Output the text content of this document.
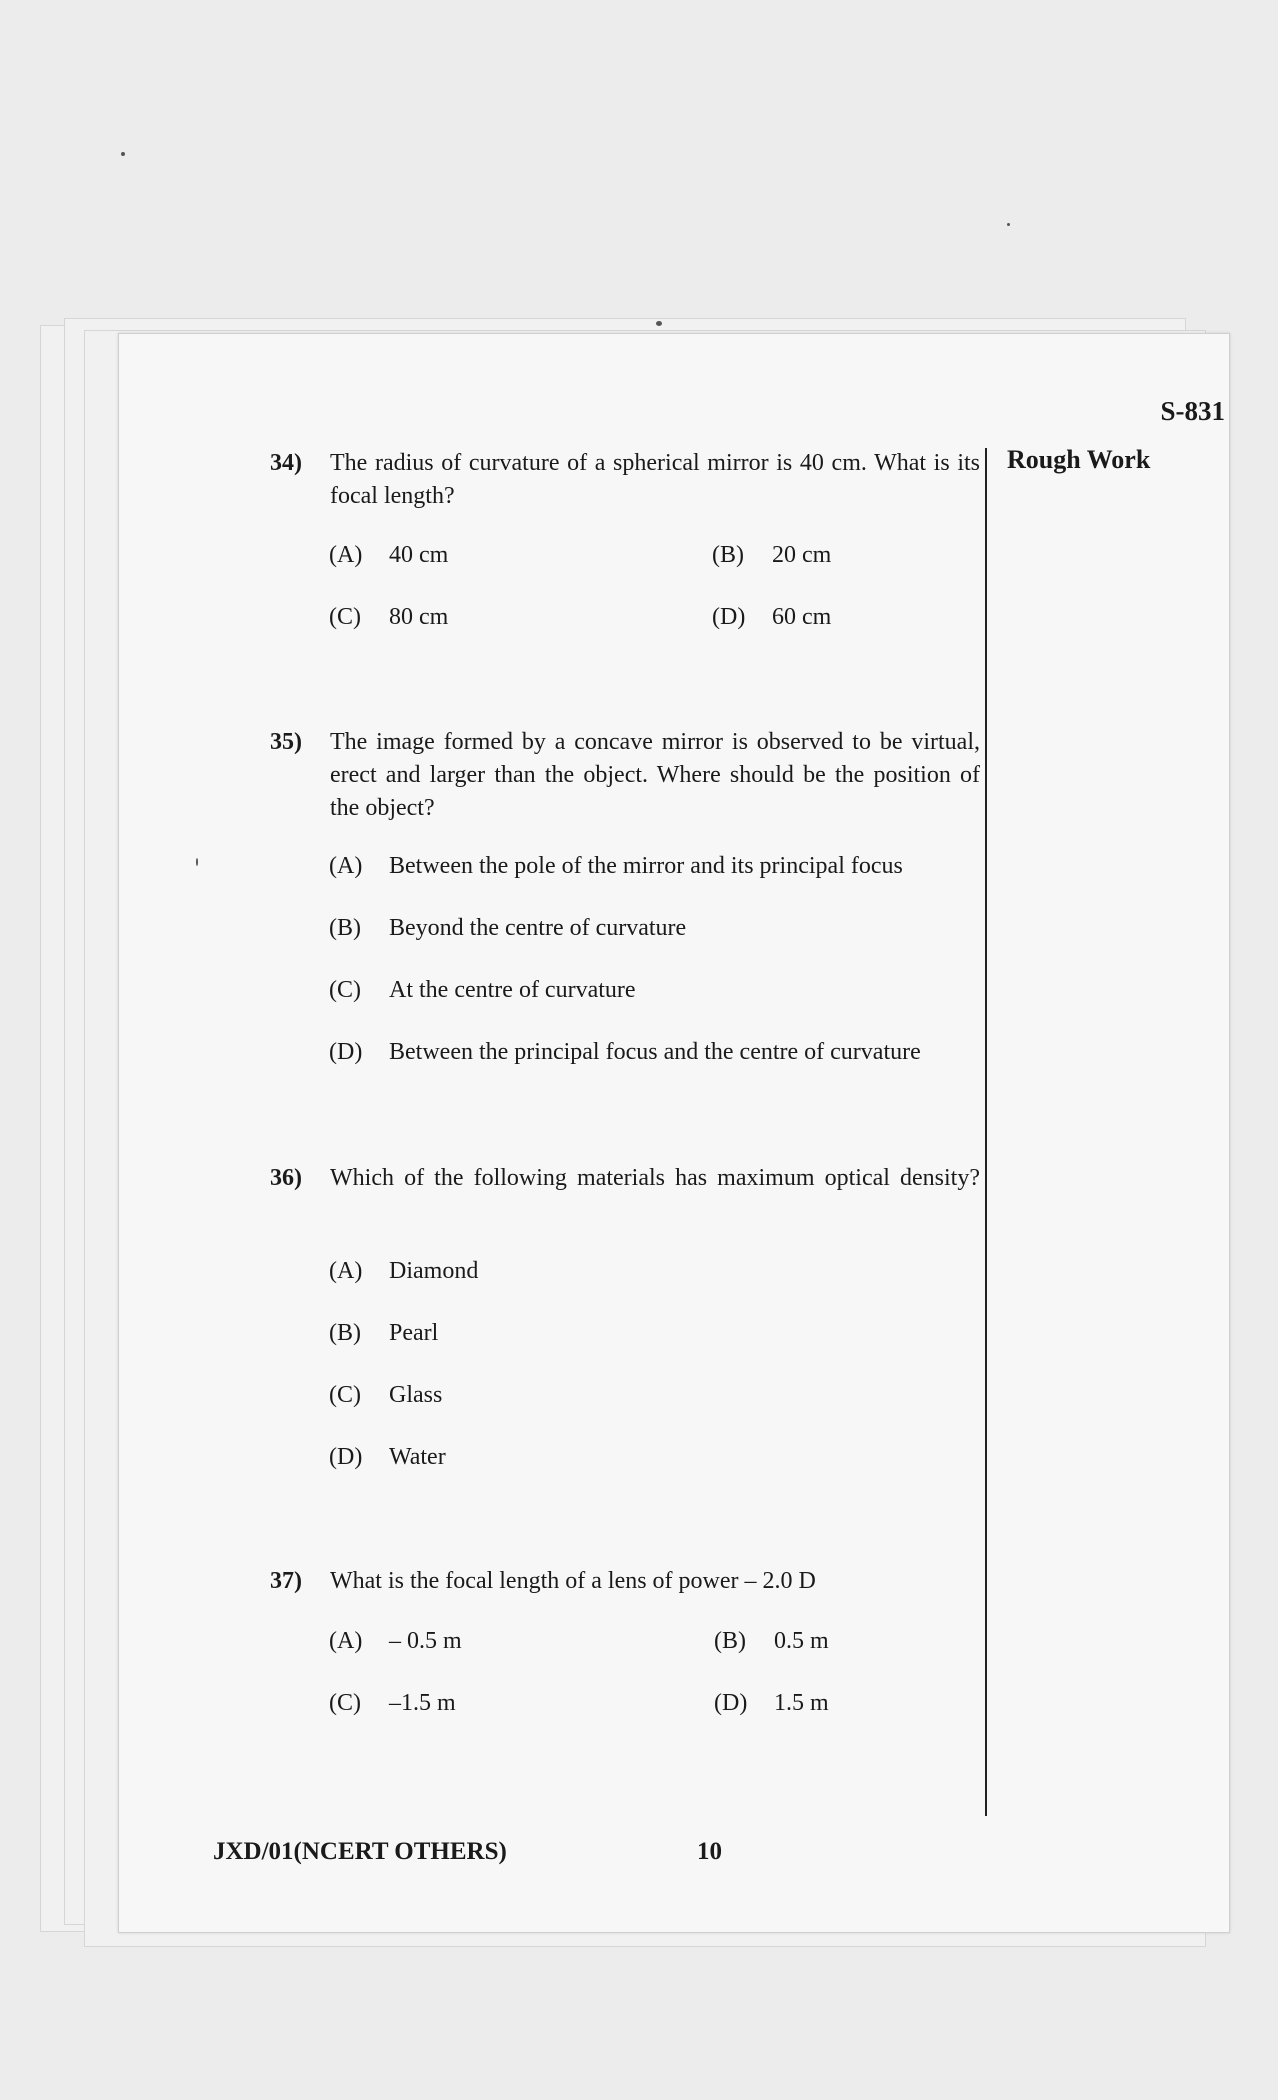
S-831
Rough Work
34) The radius of curvature of a spherical mirror is 40 cm. What is its focal length?
(A) 40 cm	(B) 20 cm
(C) 80 cm	(D) 60 cm
35) The image formed by a concave mirror is observed to be virtual, erect and larger than the object. Where should be the position of the object?
(A) Between the pole of the mirror and its principal focus
(B) Beyond the centre of curvature
(C) At the centre of curvature
(D) Between the principal focus and the centre of curvature
36) Which of the following materials has maximum optical density?
(A) Diamond
(B) Pearl
(C) Glass
(D) Water
37) What is the focal length of a lens of power – 2.0 D
(A) – 0.5 m	(B) 0.5 m
(C) –1.5 m	(D) 1.5 m
JXD/01(NCERT OTHERS)	10
